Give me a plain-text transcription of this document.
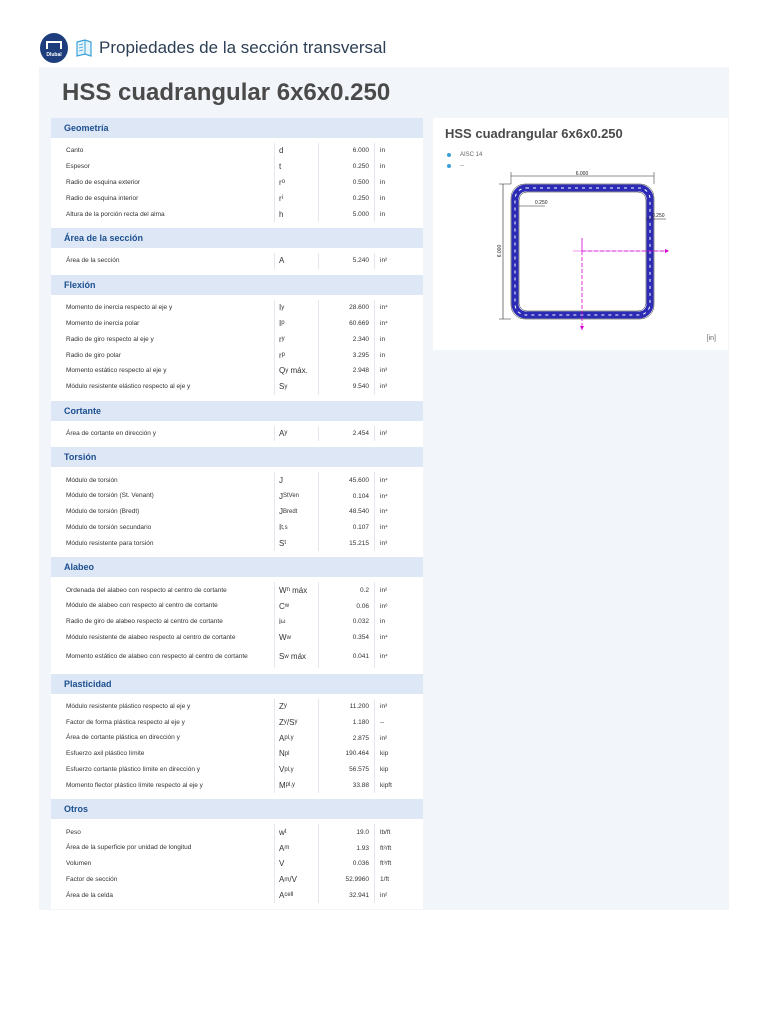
Dlubal	Propiedades de la sección transversal
HSS cuadrangular 6x6x0.250
Geometría
Canto	d	6.000	in
Espesor	t	0.250	in
Radio de esquina exterior	r o	0.500	in
Radio de esquina interior	r i	0.250	in
Altura de la porción recta del alma	h	5.000	in
Área de la sección
Área de la sección	A	5.240	in²
Flexión
Momento de inercia respecto al eje y	I y	28.600	in⁴
Momento de inercia polar	I p	60.669	in⁴
Radio de giro respecto al eje y	r y	2.340	in
Radio de giro polar	r p	3.295	in
Momento estático respecto al eje y	Q y máx.	2.948	in³
Módulo resistente elástico respecto al eje y	S y	9.540	in³
Cortante
Área de cortante en dirección y	A y	2.454	in²
Torsión
Módulo de torsión	J	45.600	in⁴
Módulo de torsión (St. Venant)	J StVen	0.104	in⁴
Módulo de torsión (Bredt)	J Bredt	48.540	in⁴
Módulo de torsión secundario	I t,s	0.107	in⁴
Módulo resistente para torsión	S t	15.215	in³
Alabeo
Ordenada del alabeo con respecto al centro de cortante	W n máx	0.2	in²
Módulo de alabeo con respecto al centro de cortante	C w	0.06	in⁶
Radio de giro de alabeo respecto al centro de cortante	i ω	0.032	in
Módulo resistente de alabeo respecto al centro de cortante	W w	0.354	in⁴
Momento estático de alabeo con respecto al centro de cortante	S w máx	0.041	in⁴
Plasticidad
Módulo resistente plástico respecto al eje y	Z y	11.200	in³
Factor de forma plástica respecto al eje y	Z y /S y	1.180	--
Área de cortante plástica en dirección y	A pl,y	2.875	in²
Esfuerzo axil plástico límite	N pl	190.464	kip
Esfuerzo cortante plástico límite en dirección y	V pl,y	56.575	kip
Momento flector plástico límite respecto al eje y	M pl,y	33.88	kipft
Otros
Peso	w t	19.0	lb/ft
Área de la superficie por unidad de longitud	A m	1.93	ft²/ft
Volumen	V	0.036	ft³/ft
Factor de sección	A m /V	52.9960	1/ft
Área de la celda	A cell	32.941	in²
HSS cuadrangular 6x6x0.250
AISC 14
--
6.000
6.000
0.250
0.250
[in]
